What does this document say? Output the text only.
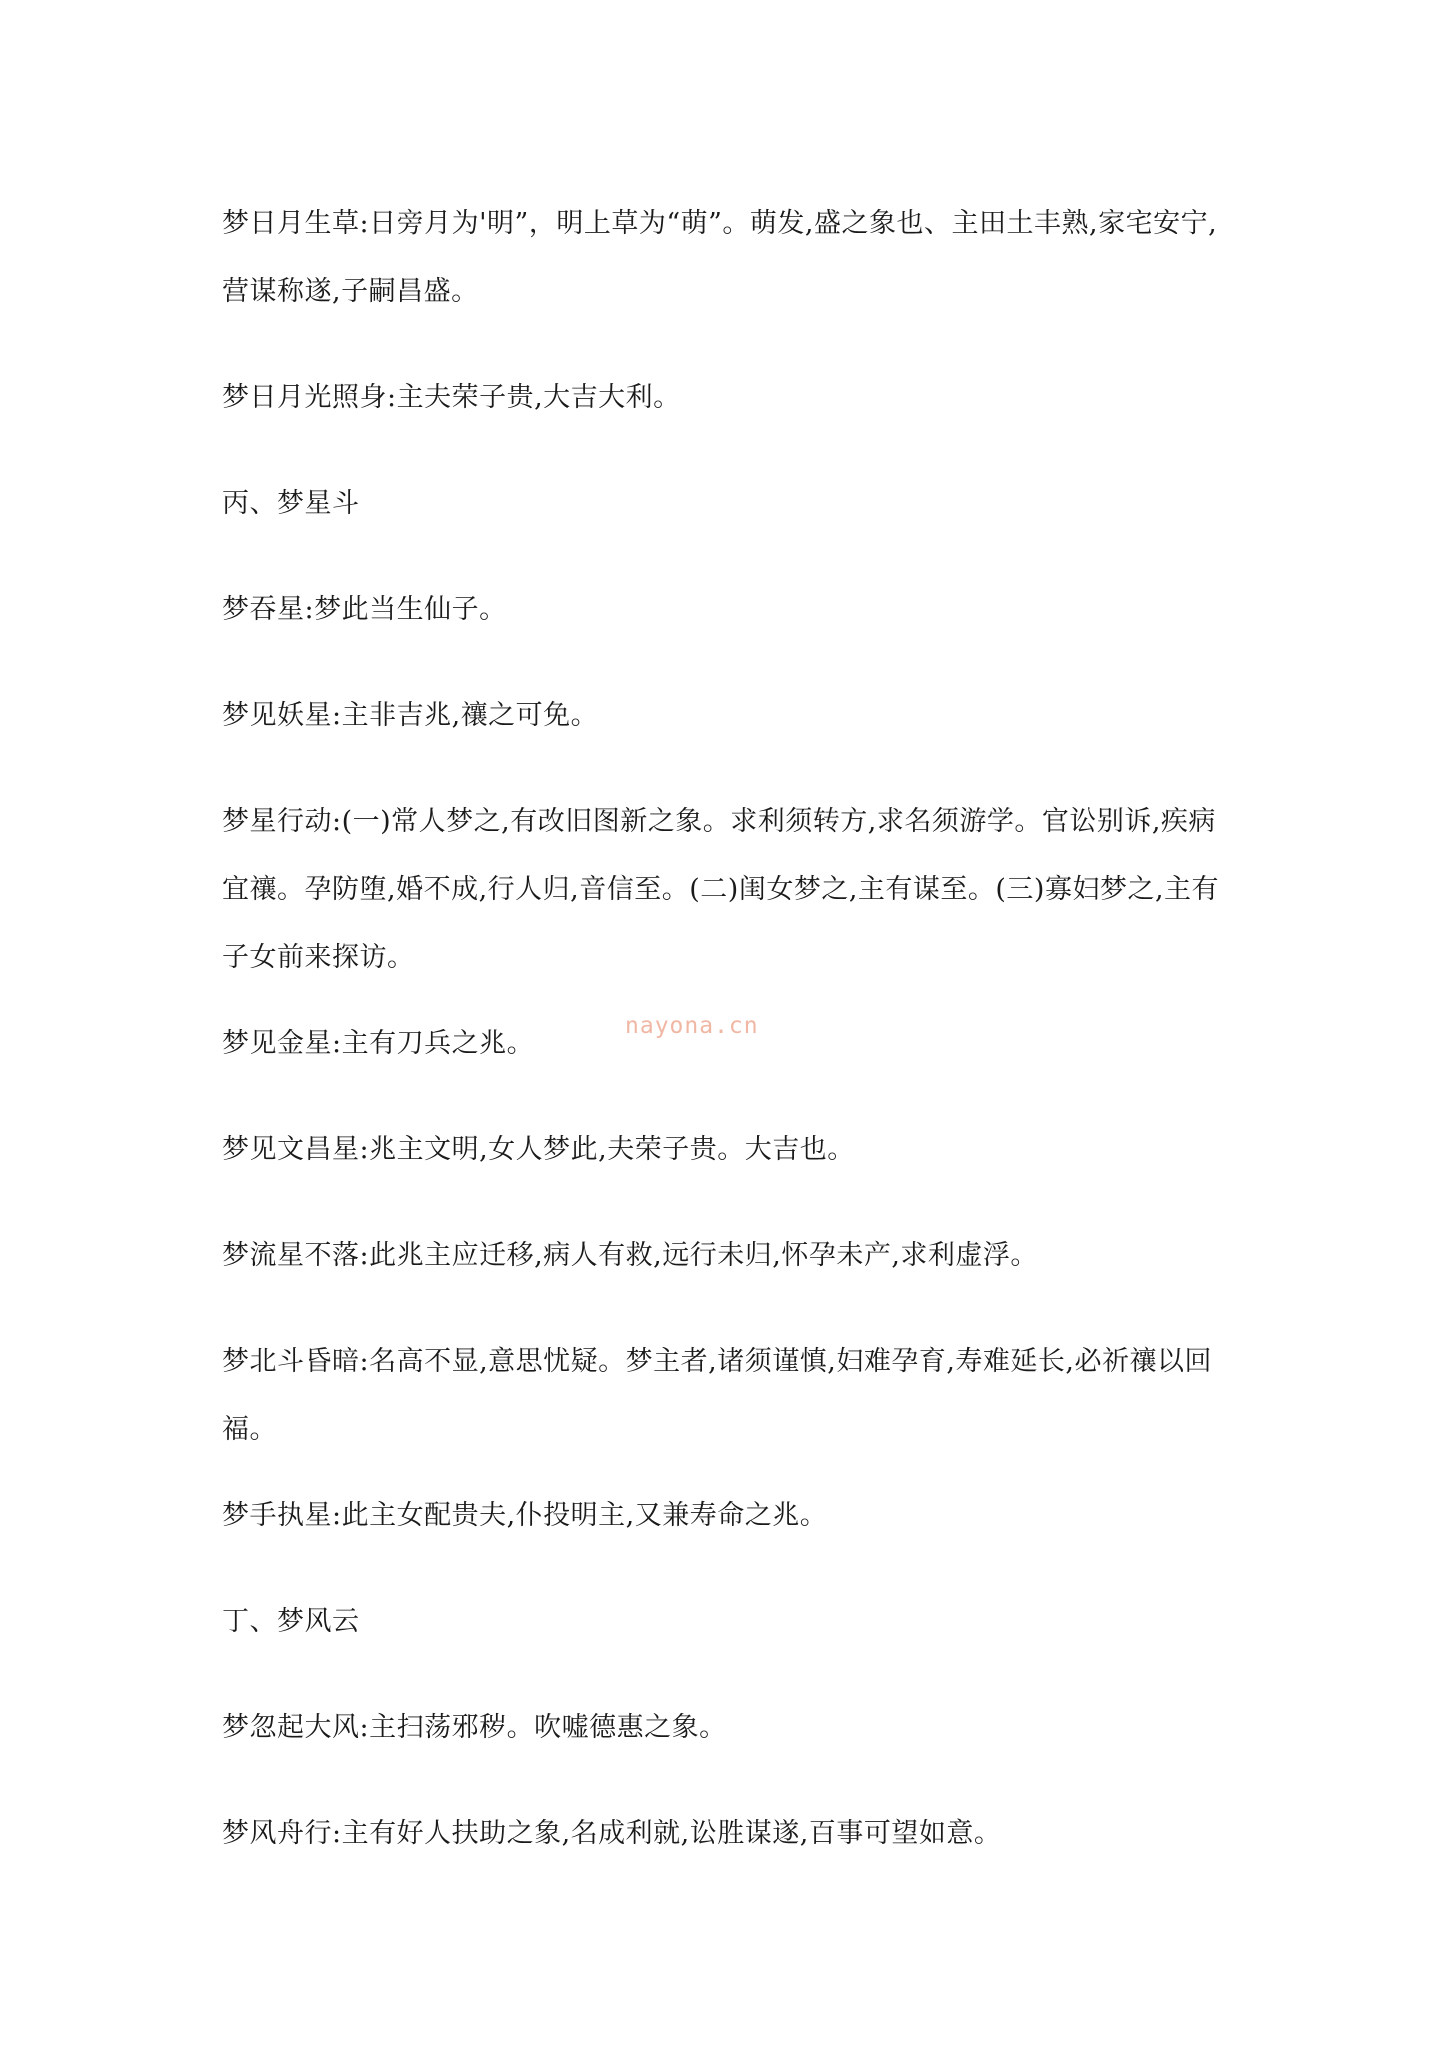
梦日月生草:日旁月为'明”，明上草为“萌”。萌发,盛之象也、主田土丰熟,家宅安宁,营谋称遂,子嗣昌盛。

梦日月光照身:主夫荣子贵,大吉大利。

丙、梦星斗

梦吞星:梦此当生仙子。

梦见妖星:主非吉兆,禳之可免。

梦星行动:(一)常人梦之,有改旧图新之象。求利须转方,求名须游学。官讼别诉,疾病宜禳。孕防堕,婚不成,行人归,音信至。(二)闺女梦之,主有谋至。(三)寡妇梦之,主有子女前来探访。

梦见金星:主有刀兵之兆。

梦见文昌星:兆主文明,女人梦此,夫荣子贵。大吉也。

梦流星不落:此兆主应迁移,病人有救,远行未归,怀孕未产,求利虚浮。

梦北斗昏暗:名高不显,意思忧疑。梦主者,诸须谨慎,妇难孕育,寿难延长,必祈禳以回福。

梦手执星:此主女配贵夫,仆投明主,又兼寿命之兆。

丁、梦风云

梦忽起大风:主扫荡邪秽。吹嘘德惠之象。

梦风舟行:主有好人扶助之象,名成利就,讼胜谋遂,百事可望如意。

nayona.cn
